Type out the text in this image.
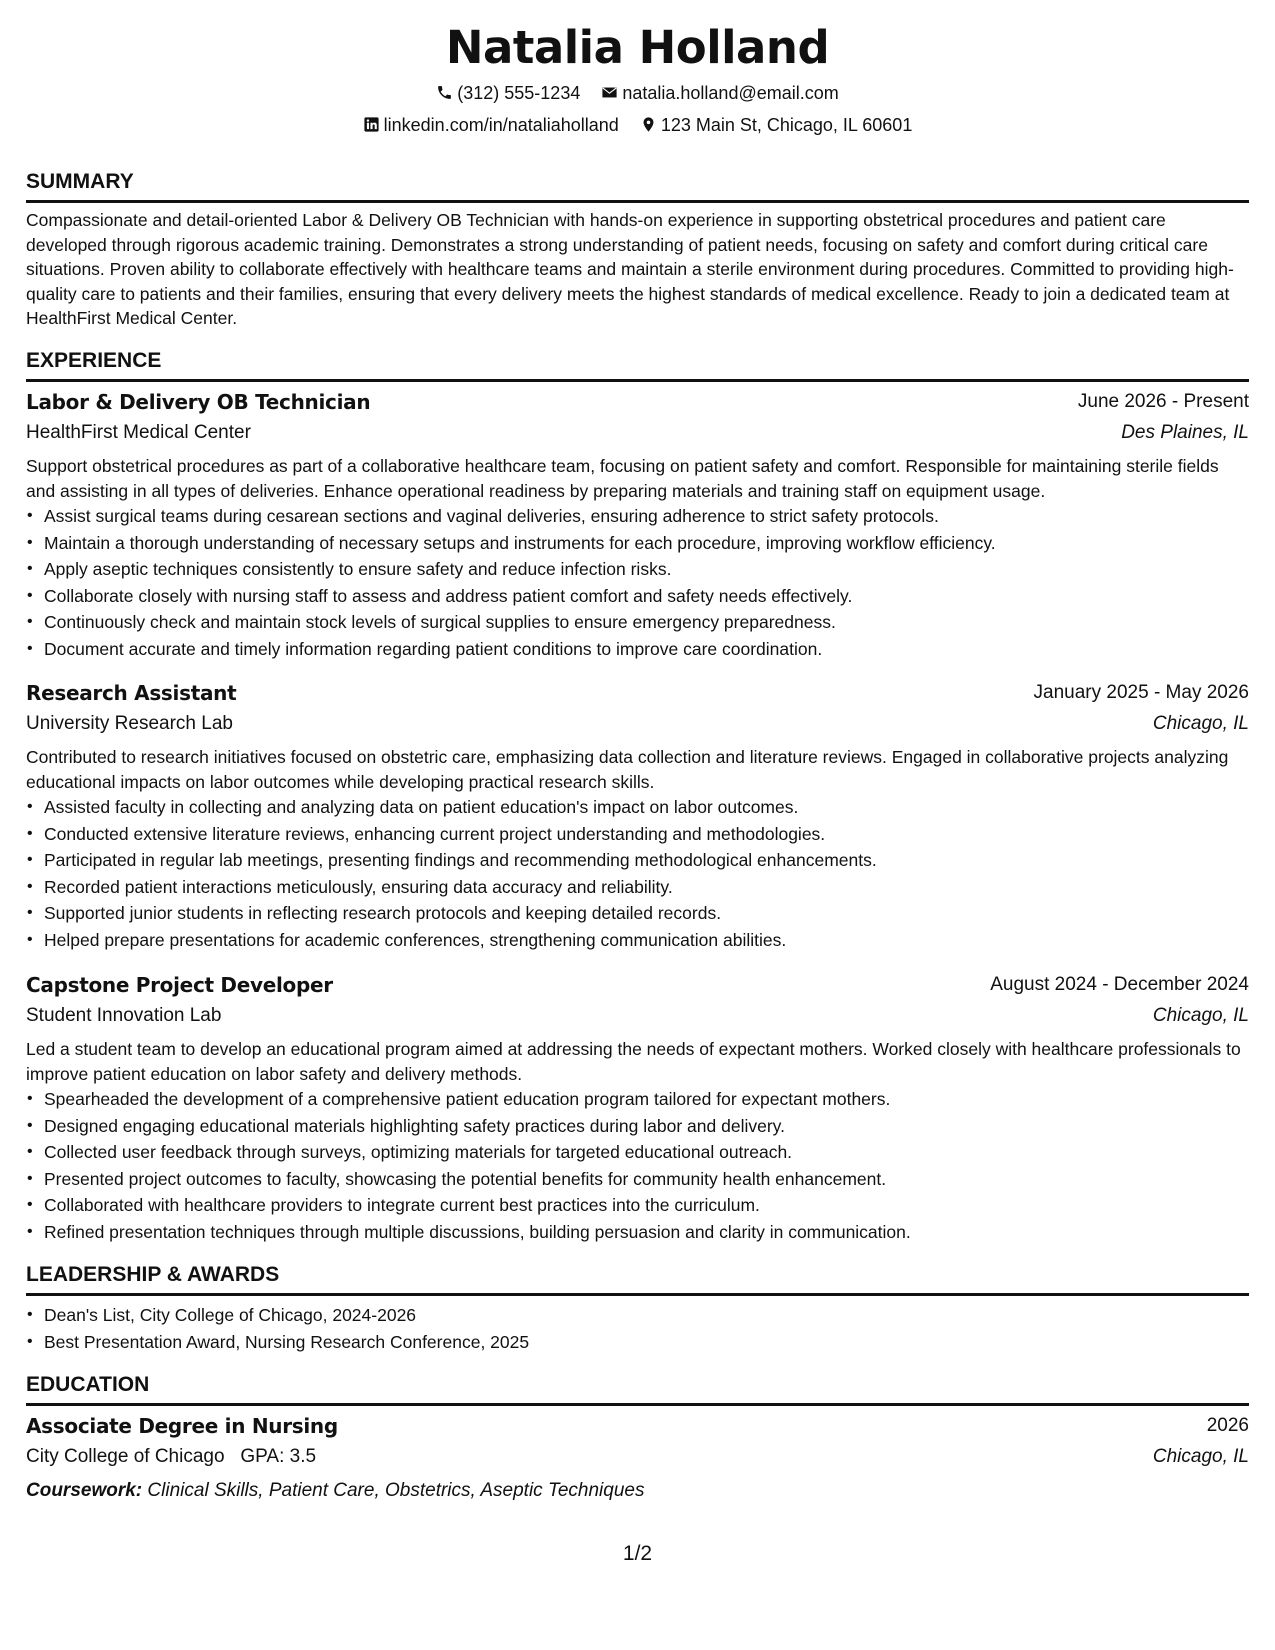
Natalia Holland
(312) 555-1234 natalia.holland@email.com
linkedin.com/in/nataliaholland 123 Main St, Chicago, IL 60601
SUMMARY
Compassionate and detail-oriented Labor & Delivery OB Technician with hands-on experience in supporting obstetrical procedures and patient care developed through rigorous academic training. Demonstrates a strong understanding of patient needs, focusing on safety and comfort during critical care situations. Proven ability to collaborate effectively with healthcare teams and maintain a sterile environment during procedures. Committed to providing high-quality care to patients and their families, ensuring that every delivery meets the highest standards of medical excellence. Ready to join a dedicated team at HealthFirst Medical Center.
EXPERIENCE
Labor & Delivery OB Technician	June 2026 - Present
HealthFirst Medical Center	Des Plaines, IL
Support obstetrical procedures as part of a collaborative healthcare team, focusing on patient safety and comfort. Responsible for maintaining sterile fields and assisting in all types of deliveries. Enhance operational readiness by preparing materials and training staff on equipment usage.
• Assist surgical teams during cesarean sections and vaginal deliveries, ensuring adherence to strict safety protocols.
• Maintain a thorough understanding of necessary setups and instruments for each procedure, improving workflow efficiency.
• Apply aseptic techniques consistently to ensure safety and reduce infection risks.
• Collaborate closely with nursing staff to assess and address patient comfort and safety needs effectively.
• Continuously check and maintain stock levels of surgical supplies to ensure emergency preparedness.
• Document accurate and timely information regarding patient conditions to improve care coordination.
Research Assistant	January 2025 - May 2026
University Research Lab	Chicago, IL
Contributed to research initiatives focused on obstetric care, emphasizing data collection and literature reviews. Engaged in collaborative projects analyzing educational impacts on labor outcomes while developing practical research skills.
• Assisted faculty in collecting and analyzing data on patient education's impact on labor outcomes.
• Conducted extensive literature reviews, enhancing current project understanding and methodologies.
• Participated in regular lab meetings, presenting findings and recommending methodological enhancements.
• Recorded patient interactions meticulously, ensuring data accuracy and reliability.
• Supported junior students in reflecting research protocols and keeping detailed records.
• Helped prepare presentations for academic conferences, strengthening communication abilities.
Capstone Project Developer	August 2024 - December 2024
Student Innovation Lab	Chicago, IL
Led a student team to develop an educational program aimed at addressing the needs of expectant mothers. Worked closely with healthcare professionals to improve patient education on labor safety and delivery methods.
• Spearheaded the development of a comprehensive patient education program tailored for expectant mothers.
• Designed engaging educational materials highlighting safety practices during labor and delivery.
• Collected user feedback through surveys, optimizing materials for targeted educational outreach.
• Presented project outcomes to faculty, showcasing the potential benefits for community health enhancement.
• Collaborated with healthcare providers to integrate current best practices into the curriculum.
• Refined presentation techniques through multiple discussions, building persuasion and clarity in communication.
LEADERSHIP & AWARDS
• Dean's List, City College of Chicago, 2024-2026
• Best Presentation Award, Nursing Research Conference, 2025
EDUCATION
Associate Degree in Nursing	2026
City College of Chicago GPA: 3.5	Chicago, IL
Coursework: Clinical Skills, Patient Care, Obstetrics, Aseptic Techniques
1/2
